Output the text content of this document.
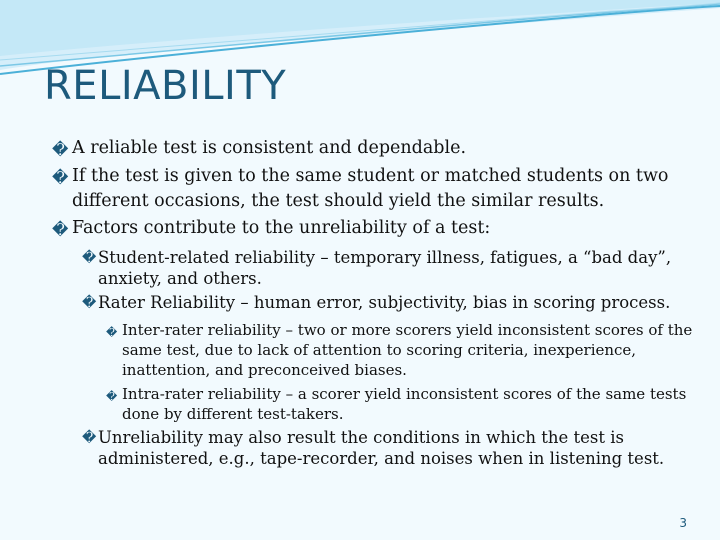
RELIABILITY
� A reliable test is consistent and dependable.
� If the test is given to the same student or matched students on two different occasions, the test should yield the similar results.
� Factors contribute to the unreliability of a test:
� Student-related reliability – temporary illness, fatigues, a “bad day”, anxiety, and others.
� Rater Reliability – human error, subjectivity, bias in scoring process.
� Inter-rater reliability – two or more scorers yield inconsistent scores of the same test, due to lack of attention to scoring criteria, inexperience, inattention, and preconceived biases.
� Intra-rater reliability – a scorer yield inconsistent scores of the same tests done by different test-takers.
� Unreliability may also result the conditions in which the test is administered, e.g., tape-recorder, and noises when in listening test.
3
